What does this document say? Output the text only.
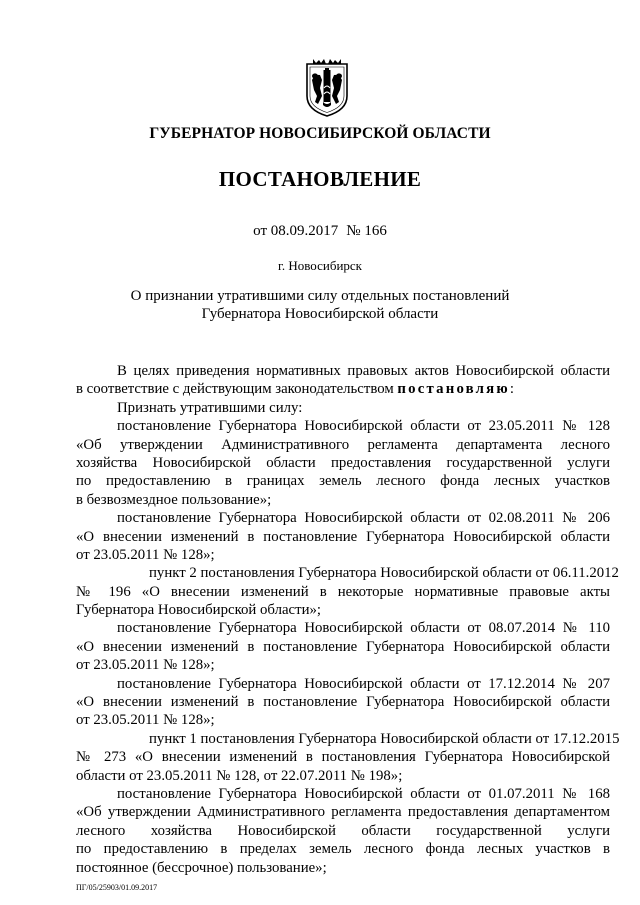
ГУБЕРНАТОР НОВОСИБИРСКОЙ ОБЛАСТИ
ПОСТАНОВЛЕНИЕ
от 08.09.2017 № 166
г. Новосибирск
О признании утратившими силу отдельных постановлений
Губернатора Новосибирской области
В целях приведения нормативных правовых актов Новосибирской области
в соответствие с действующим законодательством постановляю:
Признать утратившими силу:
постановление Губернатора Новосибирской области от 23.05.2011 № 128
«Об утверждении Административного регламента департамента лесного
хозяйства Новосибирской области предоставления государственной услуги
по предоставлению в границах земель лесного фонда лесных участков
в безвозмездное пользование»;
постановление Губернатора Новосибирской области от 02.08.2011 № 206
«О внесении изменений в постановление Губернатора Новосибирской области
от 23.05.2011 № 128»;
пункт 2 постановления Губернатора Новосибирской области от 06.11.2012
№ 196 «О внесении изменений в некоторые нормативные правовые акты
Губернатора Новосибирской области»;
постановление Губернатора Новосибирской области от 08.07.2014 № 110
«О внесении изменений в постановление Губернатора Новосибирской области
от 23.05.2011 № 128»;
постановление Губернатора Новосибирской области от 17.12.2014 № 207
«О внесении изменений в постановление Губернатора Новосибирской области
от 23.05.2011 № 128»;
пункт 1 постановления Губернатора Новосибирской области от 17.12.2015
№ 273 «О внесении изменений в постановления Губернатора Новосибирской
области от 23.05.2011 № 128, от 22.07.2011 № 198»;
постановление Губернатора Новосибирской области от 01.07.2011 № 168
«Об утверждении Административного регламента предоставления департаментом
лесного хозяйства Новосибирской области государственной услуги
по предоставлению в пределах земель лесного фонда лесных участков в
постоянное (бессрочное) пользование»;
ПГ/05/25903/01.09.2017
